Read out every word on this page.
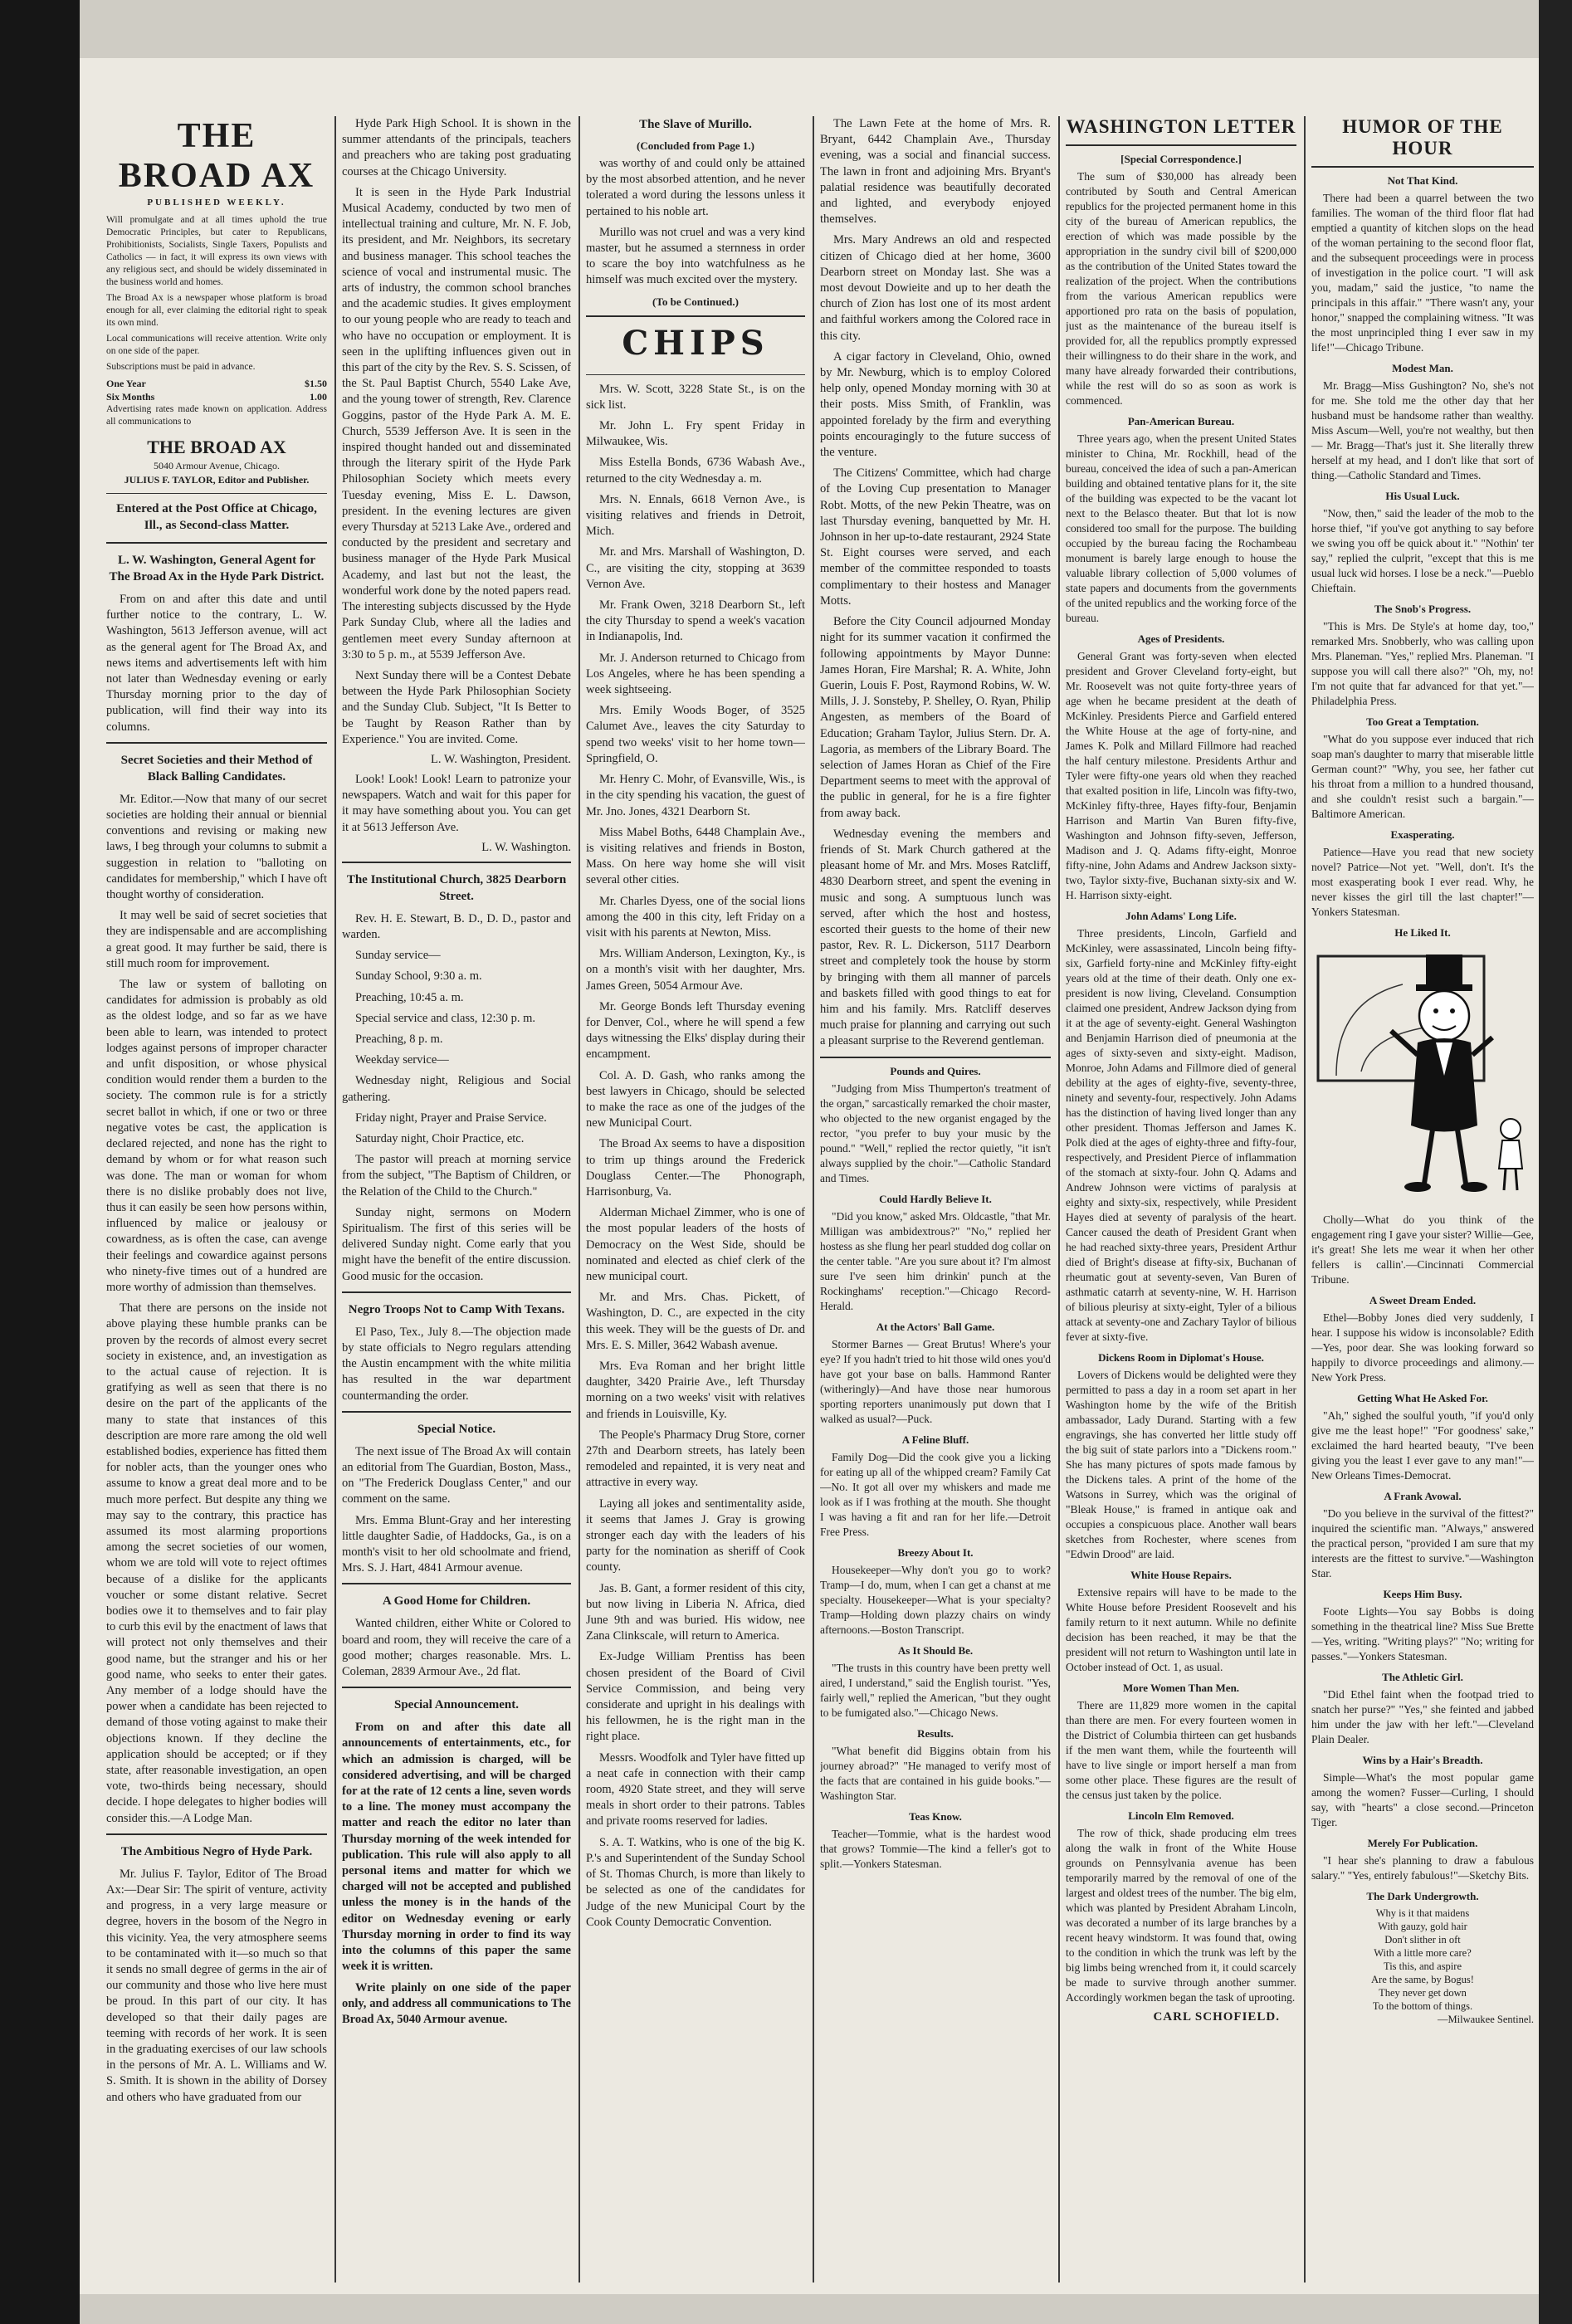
THE BROAD AX
PUBLISHED WEEKLY.

Will promulgate and at all times uphold the true Democratic Principles, but cater to Republicans, Prohibitionists, Socialists, Single Taxers, Populists and Catholics — in fact, it will express its own views with any religious sect, and should be widely disseminated in the business world and homes.

The Broad Ax is a newspaper whose platform is broad enough for all, ever claiming the editorial right to speak its own mind.

Local communications will receive attention. Write only on one side of the paper.

Subscriptions must be paid in advance.

One Year	$1.50
Six Months	1.00
Advertising rates made known on application. Address all communications to
THE BROAD AX
5040 Armour Avenue, Chicago.
JULIUS F. TAYLOR, Editor and Publisher.
Entered at the Post Office at Chicago, Ill., as Second-class Matter.
L. W. Washington, General Agent for The Broad Ax in the Hyde Park District.

From on and after this date and until further notice to the contrary, L. W. Washington, 5613 Jefferson avenue, will act as the general agent for The Broad Ax, and news items and advertisements left with him not later than Wednesday evening or early Thursday morning prior to the day of publication, will find their way into its columns.

Secret Societies and their Method of Black Balling Candidates.

Mr. Editor.—Now that many of our secret societies are holding their annual or biennial conventions and revising or making new laws, I beg through your columns to submit a suggestion in relation to "balloting on candidates for membership," which I have oft thought worthy of consideration.

It may well be said of secret societies that they are indispensable and are accomplishing a great good. It may further be said, there is still much room for improvement.

The law or system of balloting on candidates for admission is probably as old as the oldest lodge, and so far as we have been able to learn, was intended to protect lodges against persons of improper character and unfit disposition, or whose physical condition would render them a burden to the society. The common rule is for a strictly secret ballot in which, if one or two or three negative votes be cast, the application is declared rejected, and none has the right to demand by whom or for what reason such was done. The man or woman for whom there is no dislike probably does not live, thus it can easily be seen how persons within, influenced by malice or jealousy or cowardness, as is often the case, can avenge their feelings and cowardice against persons who ninety-five times out of a hundred are more worthy of admission than themselves.

That there are persons on the inside not above playing these humble pranks can be proven by the records of almost every secret society in existence, and, an investigation as to the actual cause of rejection. It is gratifying as well as seen that there is no desire on the part of the applicants of the many to state that instances of this description are more rare among the old well established bodies, experience has fitted them for nobler acts, than the younger ones who assume to know a great deal more and to be much more perfect. But despite any thing we may say to the contrary, this practice has assumed its most alarming proportions among the secret societies of our women, whom we are told will vote to reject oftimes because of a dislike for the applicants voucher or some distant relative. Secret bodies owe it to themselves and to fair play to curb this evil by the enactment of laws that will protect not only themselves and their good name, but the stranger and his or her good name, who seeks to enter their gates. Any member of a lodge should have the power when a candidate has been rejected to demand of those voting against to make their objections known. If they decline the application should be accepted; or if they state, after reasonable investigation, an open vote, two-thirds being necessary, should decide. I hope delegates to higher bodies will consider this.—A Lodge Man.

The Ambitious Negro of Hyde Park.

Mr. Julius F. Taylor, Editor of The Broad Ax:—Dear Sir: The spirit of venture, activity and progress, in a very large measure or degree, hovers in the bosom of the Negro in this vicinity. Yea, the very atmosphere seems to be contaminated with it—so much so that it sends no small degree of germs in the air of our community and those who live here must be proud. In this part of our city. It has developed so that their daily pages are teeming with records of her work. It is seen in the graduating exercises of our law schools in the persons of Mr. A. L. Williams and W. S. Smith. It is shown in the ability of Dorsey and others who have graduated from our

Hyde Park High School. It is shown in the summer attendants of the principals, teachers and preachers who are taking post graduating courses at the Chicago University.

It is seen in the Hyde Park Industrial Musical Academy, conducted by two men of intellectual training and culture, Mr. N. F. Job, its president, and Mr. Neighbors, its secretary and business manager. This school teaches the science of vocal and instrumental music. The arts of industry, the common school branches and the academic studies. It gives employment to our young people who are ready to teach and who have no occupation or employment. It is seen in the uplifting influences given out in this part of the city by the Rev. S. S. Scissen, of the St. Paul Baptist Church, 5540 Lake Ave, and the young tower of strength, Rev. Clarence Goggins, pastor of the Hyde Park A. M. E. Church, 5539 Jefferson Ave. It is seen in the inspired thought handed out and disseminated through the literary spirit of the Hyde Park Philosophian Society which meets every Tuesday evening, Miss E. L. Dawson, president. In the evening lectures are given every Thursday at 5213 Lake Ave., ordered and conducted by the president and secretary and business manager of the Hyde Park Musical Academy, and last but not the least, the wonderful work done by the noted papers read. The interesting subjects discussed by the Hyde Park Sunday Club, where all the ladies and gentlemen meet every Sunday afternoon at 3:30 to 5 p. m., at 5539 Jefferson Ave.

Next Sunday there will be a Contest Debate between the Hyde Park Philosophian Society and the Sunday Club. Subject, "It Is Better to be Taught by Reason Rather than by Experience." You are invited. Come.

L. W. Washington, President.

Look! Look! Look! Learn to patronize your newspapers. Watch and wait for this paper for it may have something about you. You can get it at 5613 Jefferson Ave.

L. W. Washington.
The Institutional Church, 3825 Dearborn Street.

Rev. H. E. Stewart, B. D., D. D., pastor and warden.

Sunday service—

Sunday School, 9:30 a. m.

Preaching, 10:45 a. m.

Special service and class, 12:30 p. m.

Preaching, 8 p. m.

Weekday service—

Wednesday night, Religious and Social gathering.

Friday night, Prayer and Praise Service.

Saturday night, Choir Practice, etc.

The pastor will preach at morning service from the subject, "The Baptism of Children, or the Relation of the Child to the Church."

Sunday night, sermons on Modern Spiritualism. The first of this series will be delivered Sunday night. Come early that you might have the benefit of the entire discussion. Good music for the occasion.

Negro Troops Not to Camp With Texans.

El Paso, Tex., July 8.—The objection made by state officials to Negro regulars attending the Austin encampment with the white militia has resulted in the war department countermanding the order.

Special Notice.

The next issue of The Broad Ax will contain an editorial from The Guardian, Boston, Mass., on "The Frederick Douglass Center," and our comment on the same.

Mrs. Emma Blunt-Gray and her interesting little daughter Sadie, of Haddocks, Ga., is on a month's visit to her old schoolmate and friend, Mrs. S. J. Hart, 4841 Armour avenue.

A Good Home for Children.

Wanted children, either White or Colored to board and room, they will receive the care of a good mother; charges reasonable. Mrs. L. Coleman, 2839 Armour Ave., 2d flat.

Special Announcement.

From on and after this date all announcements of entertainments, etc., for which an admission is charged, will be considered advertising, and will be charged for at the rate of 12 cents a line, seven words to a line. The money must accompany the matter and reach the editor no later than Thursday morning of the week intended for publication. This rule will also apply to all personal items and matter for which we charged will not be accepted and published unless the money is in the hands of the editor on Wednesday evening or early Thursday morning in order to find its way into the columns of this paper the same week it is written.

Write plainly on one side of the paper only, and address all communications to The Broad Ax, 5040 Armour avenue.

The Slave of Murillo.
(Concluded from Page 1.)

was worthy of and could only be attained by the most absorbed attention, and he never tolerated a word during the lessons unless it pertained to his noble art.

Murillo was not cruel and was a very kind master, but he assumed a sternness in order to scare the boy into watchfulness as he himself was much excited over the mystery.

(To be Continued.)
CHIPS

Mrs. W. Scott, 3228 State St., is on the sick list.

Mr. John L. Fry spent Friday in Milwaukee, Wis.

Miss Estella Bonds, 6736 Wabash Ave., returned to the city Wednesday a. m.

Mrs. N. Ennals, 6618 Vernon Ave., is visiting relatives and friends in Detroit, Mich.

Mr. and Mrs. Marshall of Washington, D. C., are visiting the city, stopping at 3639 Vernon Ave.

Mr. Frank Owen, 3218 Dearborn St., left the city Thursday to spend a week's vacation in Indianapolis, Ind.

Mr. J. Anderson returned to Chicago from Los Angeles, where he has been spending a week sightseeing.

Mrs. Emily Woods Boger, of 3525 Calumet Ave., leaves the city Saturday to spend two weeks' visit to her home town—Springfield, O.

Mr. Henry C. Mohr, of Evansville, Wis., is in the city spending his vacation, the guest of Mr. Jno. Jones, 4321 Dearborn St.

Miss Mabel Boths, 6448 Champlain Ave., is visiting relatives and friends in Boston, Mass. On here way home she will visit several other cities.

Mr. Charles Dyess, one of the social lions among the 400 in this city, left Friday on a visit with his parents at Newton, Miss.

Mrs. William Anderson, Lexington, Ky., is on a month's visit with her daughter, Mrs. James Green, 5054 Armour Ave.

Mr. George Bonds left Thursday evening for Denver, Col., where he will spend a few days witnessing the Elks' display during their encampment.

Col. A. D. Gash, who ranks among the best lawyers in Chicago, should be selected to make the race as one of the judges of the new Municipal Court.

The Broad Ax seems to have a disposition to trim up things around the Frederick Douglass Center.—The Phonograph, Harrisonburg, Va.

Alderman Michael Zimmer, who is one of the most popular leaders of the hosts of Democracy on the West Side, should be nominated and elected as chief clerk of the new municipal court.

Mr. and Mrs. Chas. Pickett, of Washington, D. C., are expected in the city this week. They will be the guests of Dr. and Mrs. E. S. Miller, 3642 Wabash avenue.

Mrs. Eva Roman and her bright little daughter, 3420 Prairie Ave., left Thursday morning on a two weeks' visit with relatives and friends in Louisville, Ky.

The People's Pharmacy Drug Store, corner 27th and Dearborn streets, has lately been remodeled and repainted, it is very neat and attractive in every way.

Laying all jokes and sentimentality aside, it seems that James J. Gray is growing stronger each day with the leaders of his party for the nomination as sheriff of Cook county.

Jas. B. Gant, a former resident of this city, but now living in Liberia N. Africa, died June 9th and was buried. His widow, nee Zana Clinkscale, will return to America.

Ex-Judge William Prentiss has been chosen president of the Board of Civil Service Commission, and being very considerate and upright in his dealings with his fellowmen, he is the right man in the right place.

Messrs. Woodfolk and Tyler have fitted up a neat cafe in connection with their camp room, 4920 State street, and they will serve meals in short order to their patrons. Tables and private rooms reserved for ladies.

S. A. T. Watkins, who is one of the big K. P.'s and Superintendent of the Sunday School of St. Thomas Church, is more than likely to be selected as one of the candidates for Judge of the new Municipal Court by the Cook County Democratic Convention.

The Lawn Fete at the home of Mrs. R. Bryant, 6442 Champlain Ave., Thursday evening, was a social and financial success. The lawn in front and adjoining Mrs. Bryant's palatial residence was beautifully decorated and lighted, and everybody enjoyed themselves.

Mrs. Mary Andrews an old and respected citizen of Chicago died at her home, 3600 Dearborn street on Monday last. She was a most devout Dowieite and up to her death the church of Zion has lost one of its most ardent and faithful workers among the Colored race in this city.

A cigar factory in Cleveland, Ohio, owned by Mr. Newburg, which is to employ Colored help only, opened Monday morning with 30 at their posts. Miss Smith, of Franklin, was appointed forelady by the firm and everything points encouragingly to the future success of the venture.

The Citizens' Committee, which had charge of the Loving Cup presentation to Manager Robt. Motts, of the new Pekin Theatre, was on last Thursday evening, banquetted by Mr. H. Johnson in her up-to-date restaurant, 2924 State St. Eight courses were served, and each member of the committee responded to toasts complimentary to their hostess and Manager Motts.

Before the City Council adjourned Monday night for its summer vacation it confirmed the following appointments by Mayor Dunne: James Horan, Fire Marshal; R. A. White, John Guerin, Louis F. Post, Raymond Robins, W. W. Mills, J. J. Sonsteby, P. Shelley, O. Ryan, Philip Angesten, as members of the Board of Education; Graham Taylor, Julius Stern. Dr. A. Lagoria, as members of the Library Board. The selection of James Horan as Chief of the Fire Department seems to meet with the approval of the public in general, for he is a fire fighter from away back.

Wednesday evening the members and friends of St. Mark Church gathered at the pleasant home of Mr. and Mrs. Moses Ratcliff, 4830 Dearborn street, and spent the evening in music and song. A sumptuous lunch was served, after which the host and hostess, escorted their guests to the home of their new pastor, Rev. R. L. Dickerson, 5117 Dearborn street and completely took the house by storm by bringing with them all manner of parcels and baskets filled with good things to eat for him and his family. Mrs. Ratcliff deserves much praise for planning and carrying out such a pleasant surprise to the Reverend gentleman.

Pounds and Quires.

"Judging from Miss Thumperton's treatment of the organ," sarcastically remarked the choir master, who objected to the new organist engaged by the rector, "you prefer to buy your music by the pound." "Well," replied the rector quietly, "it isn't always supplied by the choir."—Catholic Standard and Times.

Could Hardly Believe It.

"Did you know," asked Mrs. Oldcastle, "that Mr. Milligan was ambidextrous?" "No," replied her hostess as she flung her pearl studded dog collar on the center table. "Are you sure about it? I'm almost sure I've seen him drinkin' punch at the Rockinghams' reception."—Chicago Record-Herald.

At the Actors' Ball Game.

Stormer Barnes — Great Brutus! Where's your eye? If you hadn't tried to hit those wild ones you'd have got your base on balls. Hammond Ranter (witheringly)—And have those near humorous sporting reporters unanimously put down that I walked as usual?—Puck.

A Feline Bluff.

Family Dog—Did the cook give you a licking for eating up all of the whipped cream? Family Cat—No. It got all over my whiskers and made me look as if I was frothing at the mouth. She thought I was having a fit and ran for her life.—Detroit Free Press.

Breezy About It.

Housekeeper—Why don't you go to work? Tramp—I do, mum, when I can get a chanst at me specialty. Housekeeper—What is your specialty? Tramp—Holding down plazzy chairs on windy afternoons.—Boston Transcript.

As It Should Be.

"The trusts in this country have been pretty well aired, I understand," said the English tourist. "Yes, fairly well," replied the American, "but they ought to be fumigated also."—Chicago News.

Results.

"What benefit did Biggins obtain from his journey abroad?" "He managed to verify most of the facts that are contained in his guide books."—Washington Star.

Teas Know.

Teacher—Tommie, what is the hardest wood that grows? Tommie—The kind a feller's got to split.—Yonkers Statesman.

WASHINGTON LETTER
[Special Correspondence.]

The sum of $30,000 has already been contributed by South and Central American republics for the projected permanent home in this city of the bureau of American republics, the erection of which was made possible by the appropriation in the sundry civil bill of $200,000 as the contribution of the United States toward the realization of the project. When the contributions from the various American republics were apportioned pro rata on the basis of population, just as the maintenance of the bureau itself is provided for, all the republics promptly expressed their willingness to do their share in the work, and many have already forwarded their contributions, while the rest will do so as soon as work is commenced.

Pan-American Bureau.

Three years ago, when the present United States minister to China, Mr. Rockhill, head of the bureau, conceived the idea of such a pan-American building and obtained tentative plans for it, the site of the building was expected to be the vacant lot next to the Belasco theater. But that lot is now considered too small for the purpose. The building occupied by the bureau facing the Rochambeau monument is barely large enough to house the valuable library collection of 5,000 volumes of state papers and documents from the governments of the united republics and the working force of the bureau.

Ages of Presidents.

General Grant was forty-seven when elected president and Grover Cleveland forty-eight, but Mr. Roosevelt was not quite forty-three years of age when he became president at the death of McKinley. Presidents Pierce and Garfield entered the White House at the age of forty-nine, and James K. Polk and Millard Fillmore had reached the half century milestone. Presidents Arthur and Tyler were fifty-one years old when they reached that exalted position in life, Lincoln was fifty-two, McKinley fifty-three, Hayes fifty-four, Benjamin Harrison and Martin Van Buren fifty-five, Washington and Johnson fifty-seven, Jefferson, Madison and J. Q. Adams fifty-eight, Monroe fifty-nine, John Adams and Andrew Jackson sixty-two, Taylor sixty-five, Buchanan sixty-six and W. H. Harrison sixty-eight.

John Adams' Long Life.

Three presidents, Lincoln, Garfield and McKinley, were assassinated, Lincoln being fifty-six, Garfield forty-nine and McKinley fifty-eight years old at the time of their death. Only one ex-president is now living, Cleveland. Consumption claimed one president, Andrew Jackson dying from it at the age of seventy-eight. General Washington and Benjamin Harrison died of pneumonia at the ages of sixty-seven and sixty-eight. Madison, Monroe, John Adams and Fillmore died of general debility at the ages of eighty-five, seventy-three, ninety and seventy-four, respectively. John Adams has the distinction of having lived longer than any other president. Thomas Jefferson and James K. Polk died at the ages of eighty-three and fifty-four, respectively, and President Pierce of inflammation of the stomach at sixty-four. John Q. Adams and Andrew Johnson were victims of paralysis at eighty and sixty-six, respectively, while President Hayes died at seventy of paralysis of the heart. Cancer caused the death of President Grant when he had reached sixty-three years, President Arthur died of Bright's disease at fifty-six, Buchanan of rheumatic gout at seventy-seven, Van Buren of asthmatic catarrh at seventy-nine, W. H. Harrison of bilious pleurisy at sixty-eight, Tyler of a bilious attack at seventy-one and Zachary Taylor of bilious fever at sixty-five.

Dickens Room in Diplomat's House.

Lovers of Dickens would be delighted were they permitted to pass a day in a room set apart in her Washington home by the wife of the British ambassador, Lady Durand. Starting with a few engravings, she has converted her little study off the big suit of state parlors into a "Dickens room." She has many pictures of spots made famous by the Dickens tales. A print of the home of the Watsons in Surrey, which was the original of "Bleak House," is framed in antique oak and occupies a conspicuous place. Another wall bears sketches from Rochester, where scenes from "Edwin Drood" are laid.

White House Repairs.

Extensive repairs will have to be made to the White House before President Roosevelt and his family return to it next autumn. While no definite decision has been reached, it may be that the president will not return to Washington until late in October instead of Oct. 1, as usual.

More Women Than Men.

There are 11,829 more women in the capital than there are men. For every fourteen women in the District of Columbia thirteen can get husbands if the men want them, while the fourteenth will have to live single or import herself a man from some other place. These figures are the result of the census just taken by the police.

Lincoln Elm Removed.

The row of thick, shade producing elm trees along the walk in front of the White House grounds on Pennsylvania avenue has been temporarily marred by the removal of one of the largest and oldest trees of the number. The big elm, which was planted by President Abraham Lincoln, was decorated a number of its large branches by a recent heavy windstorm. It was found that, owing to the condition in which the trunk was left by the big limbs being wrenched from it, it could scarcely be made to survive through another summer. Accordingly workmen began the task of uprooting.

CARL SCHOFIELD.
HUMOR OF THE HOUR
Not That Kind.

There had been a quarrel between the two families. The woman of the third floor flat had emptied a quantity of kitchen slops on the head of the woman pertaining to the second floor flat, and the subsequent proceedings were in process of investigation in the police court. "I will ask you, madam," said the justice, "to name the principals in this affair." "There wasn't any, your honor," snapped the complaining witness. "It was the most unprincipled thing I ever saw in my life!"—Chicago Tribune.

Modest Man.

Mr. Bragg—Miss Gushington? No, she's not for me. She told me the other day that her husband must be handsome rather than wealthy. Miss Ascum—Well, you're not wealthy, but then— Mr. Bragg—That's just it. She literally threw herself at my head, and I don't like that sort of thing.—Catholic Standard and Times.

His Usual Luck.

"Now, then," said the leader of the mob to the horse thief, "if you've got anything to say before we swing you off be quick about it." "Nothin' ter say," replied the culprit, "except that this is me usual luck wid horses. I lose be a neck."—Pueblo Chieftain.

The Snob's Progress.

"This is Mrs. De Style's at home day, too," remarked Mrs. Snobberly, who was calling upon Mrs. Planeman. "Yes," replied Mrs. Planeman. "I suppose you will call there also?" "Oh, my, no! I'm not quite that far advanced for that yet."—Philadelphia Press.

Too Great a Temptation.

"What do you suppose ever induced that rich soap man's daughter to marry that miserable little German count?" "Why, you see, her father cut his throat from a million to a hundred thousand, and she couldn't resist such a bargain."—Baltimore American.

Exasperating.

Patience—Have you read that new society novel? Patrice—Not yet. "Well, don't. It's the most exasperating book I ever read. Why, he never kisses the girl till the last chapter!"—Yonkers Statesman.

He Liked It.

Cholly—What do you think of the engagement ring I gave your sister? Willie—Gee, it's great! She lets me wear it when her other fellers is callin'.—Cincinnati Commercial Tribune.

A Sweet Dream Ended.

Ethel—Bobby Jones died very suddenly, I hear. I suppose his widow is inconsolable? Edith—Yes, poor dear. She was looking forward so happily to divorce proceedings and alimony.—New York Press.

Getting What He Asked For.

"Ah," sighed the soulful youth, "if you'd only give me the least hope!" "For goodness' sake," exclaimed the hard hearted beauty, "I've been giving you the least I ever gave to any man!"—New Orleans Times-Democrat.

A Frank Avowal.

"Do you believe in the survival of the fittest?" inquired the scientific man. "Always," answered the practical person, "provided I am sure that my interests are the fittest to survive."—Washington Star.

Keeps Him Busy.

Foote Lights—You say Bobbs is doing something in the theatrical line? Miss Sue Brette—Yes, writing. "Writing plays?" "No; writing for passes."—Yonkers Statesman.

The Athletic Girl.

"Did Ethel faint when the footpad tried to snatch her purse?" "Yes," she feinted and jabbed him under the jaw with her left."—Cleveland Plain Dealer.

Wins by a Hair's Breadth.

Simple—What's the most popular game among the women? Fusser—Curling, I should say, with "hearts" a close second.—Princeton Tiger.

Merely For Publication.

"I hear she's planning to draw a fabulous salary." "Yes, entirely fabulous!"—Sketchy Bits.

The Dark Undergrowth.
Why is it that maidens
With gauzy, gold hair
Don't slither in oft
With a little more care?
Tis this, and aspire
Are the same, by Bogus!
They never get down
To the bottom of things.
—Milwaukee Sentinel.
